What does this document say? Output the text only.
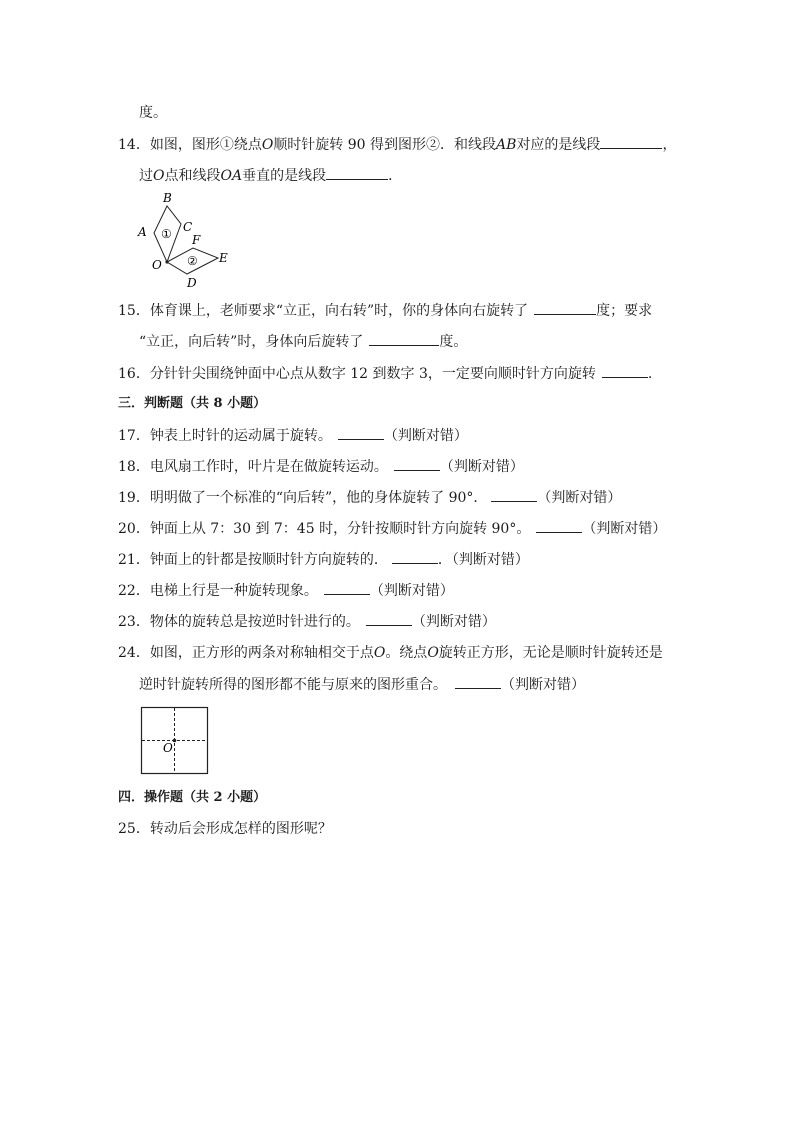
度。
14．如图，图形①绕点O顺时针旋转 90 得到图形②．和线段AB对应的是线段	，
过O点和线段OA垂直的是线段	．
B
A	C
F
O	E
D
①
②
15．体育课上，老师要求“立正，向右转”时，你的身体向右旋转了	度；要求
“立正，向后转”时，身体向后旋转了	度。
16．分针针尖围绕钟面中心点从数字 12 到数字 3，一定要向顺时针方向旋转	.
三．判断题（共 8 小题）
17．钟表上时针的运动属于旋转。	（判断对错）
18．电风扇工作时，叶片是在做旋转运动。	（判断对错）
19．明明做了一个标准的“向后转”，他的身体旋转了 90°．	（判断对错）
20．钟面上从 7：30 到 7：45 时，分针按顺时针方向旋转 90°。	（判断对错）
21．钟面上的针都是按顺时针方向旋转的．	．（判断对错）
22．电梯上行是一种旋转现象。	（判断对错）
23．物体的旋转总是按逆时针进行的。	（判断对错）
24．如图，正方形的两条对称轴相交于点O。绕点O旋转正方形，无论是顺时针旋转还是
逆时针旋转所得的图形都不能与原来的图形重合。	（判断对错）
O
四．操作题（共 2 小题）
25．转动后会形成怎样的图形呢？
